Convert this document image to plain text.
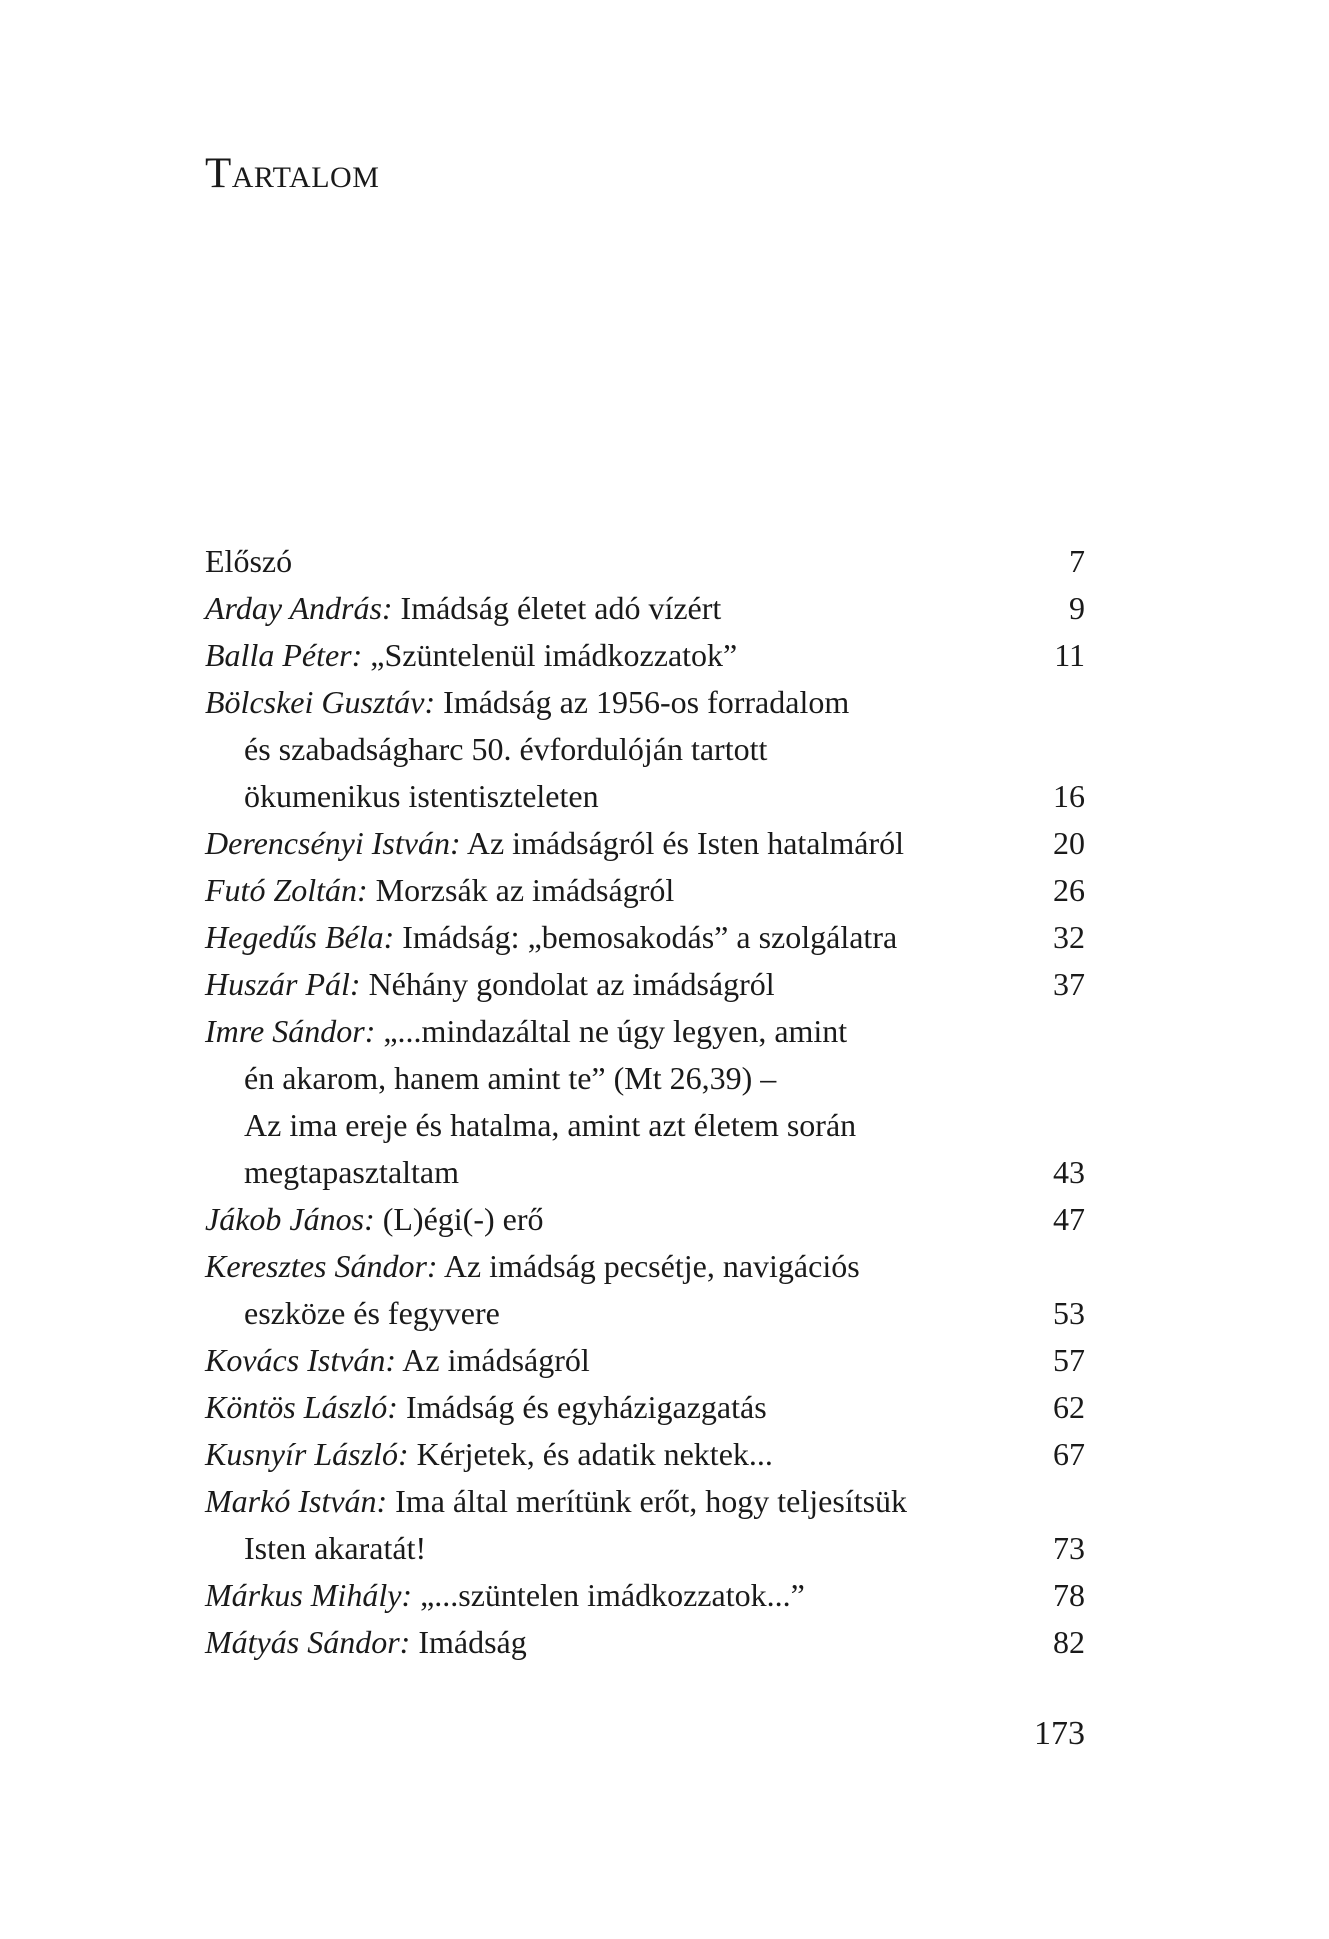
Tartalom
Előszó	7
Arday András: Imádság életet adó vízért	9
Balla Péter: „Szüntelenül imádkozzatok”	11
Bölcskei Gusztáv: Imádság az 1956-os forradalom
és szabadságharc 50. évfordulóján tartott
ökumenikus istentiszteleten	16
Derencsényi István: Az imádságról és Isten hatalmáról	20
Futó Zoltán: Morzsák az imádságról	26
Hegedűs Béla: Imádság: „bemosakodás” a szolgálatra	32
Huszár Pál: Néhány gondolat az imádságról	37
Imre Sándor: „...mindazáltal ne úgy legyen, amint
én akarom, hanem amint te” (Mt 26,39) –
Az ima ereje és hatalma, amint azt életem során
megtapasztaltam	43
Jákob János: (L)égi(-) erő	47
Keresztes Sándor: Az imádság pecsétje, navigációs
eszköze és fegyvere	53
Kovács István: Az imádságról	57
Köntös László: Imádság és egyházigazgatás	62
Kusnyír László: Kérjetek, és adatik nektek...	67
Markó István: Ima által merítünk erőt, hogy teljesítsük
Isten akaratát!	73
Márkus Mihály: „...szüntelen imádkozzatok...”	78
Mátyás Sándor: Imádság	82
173
